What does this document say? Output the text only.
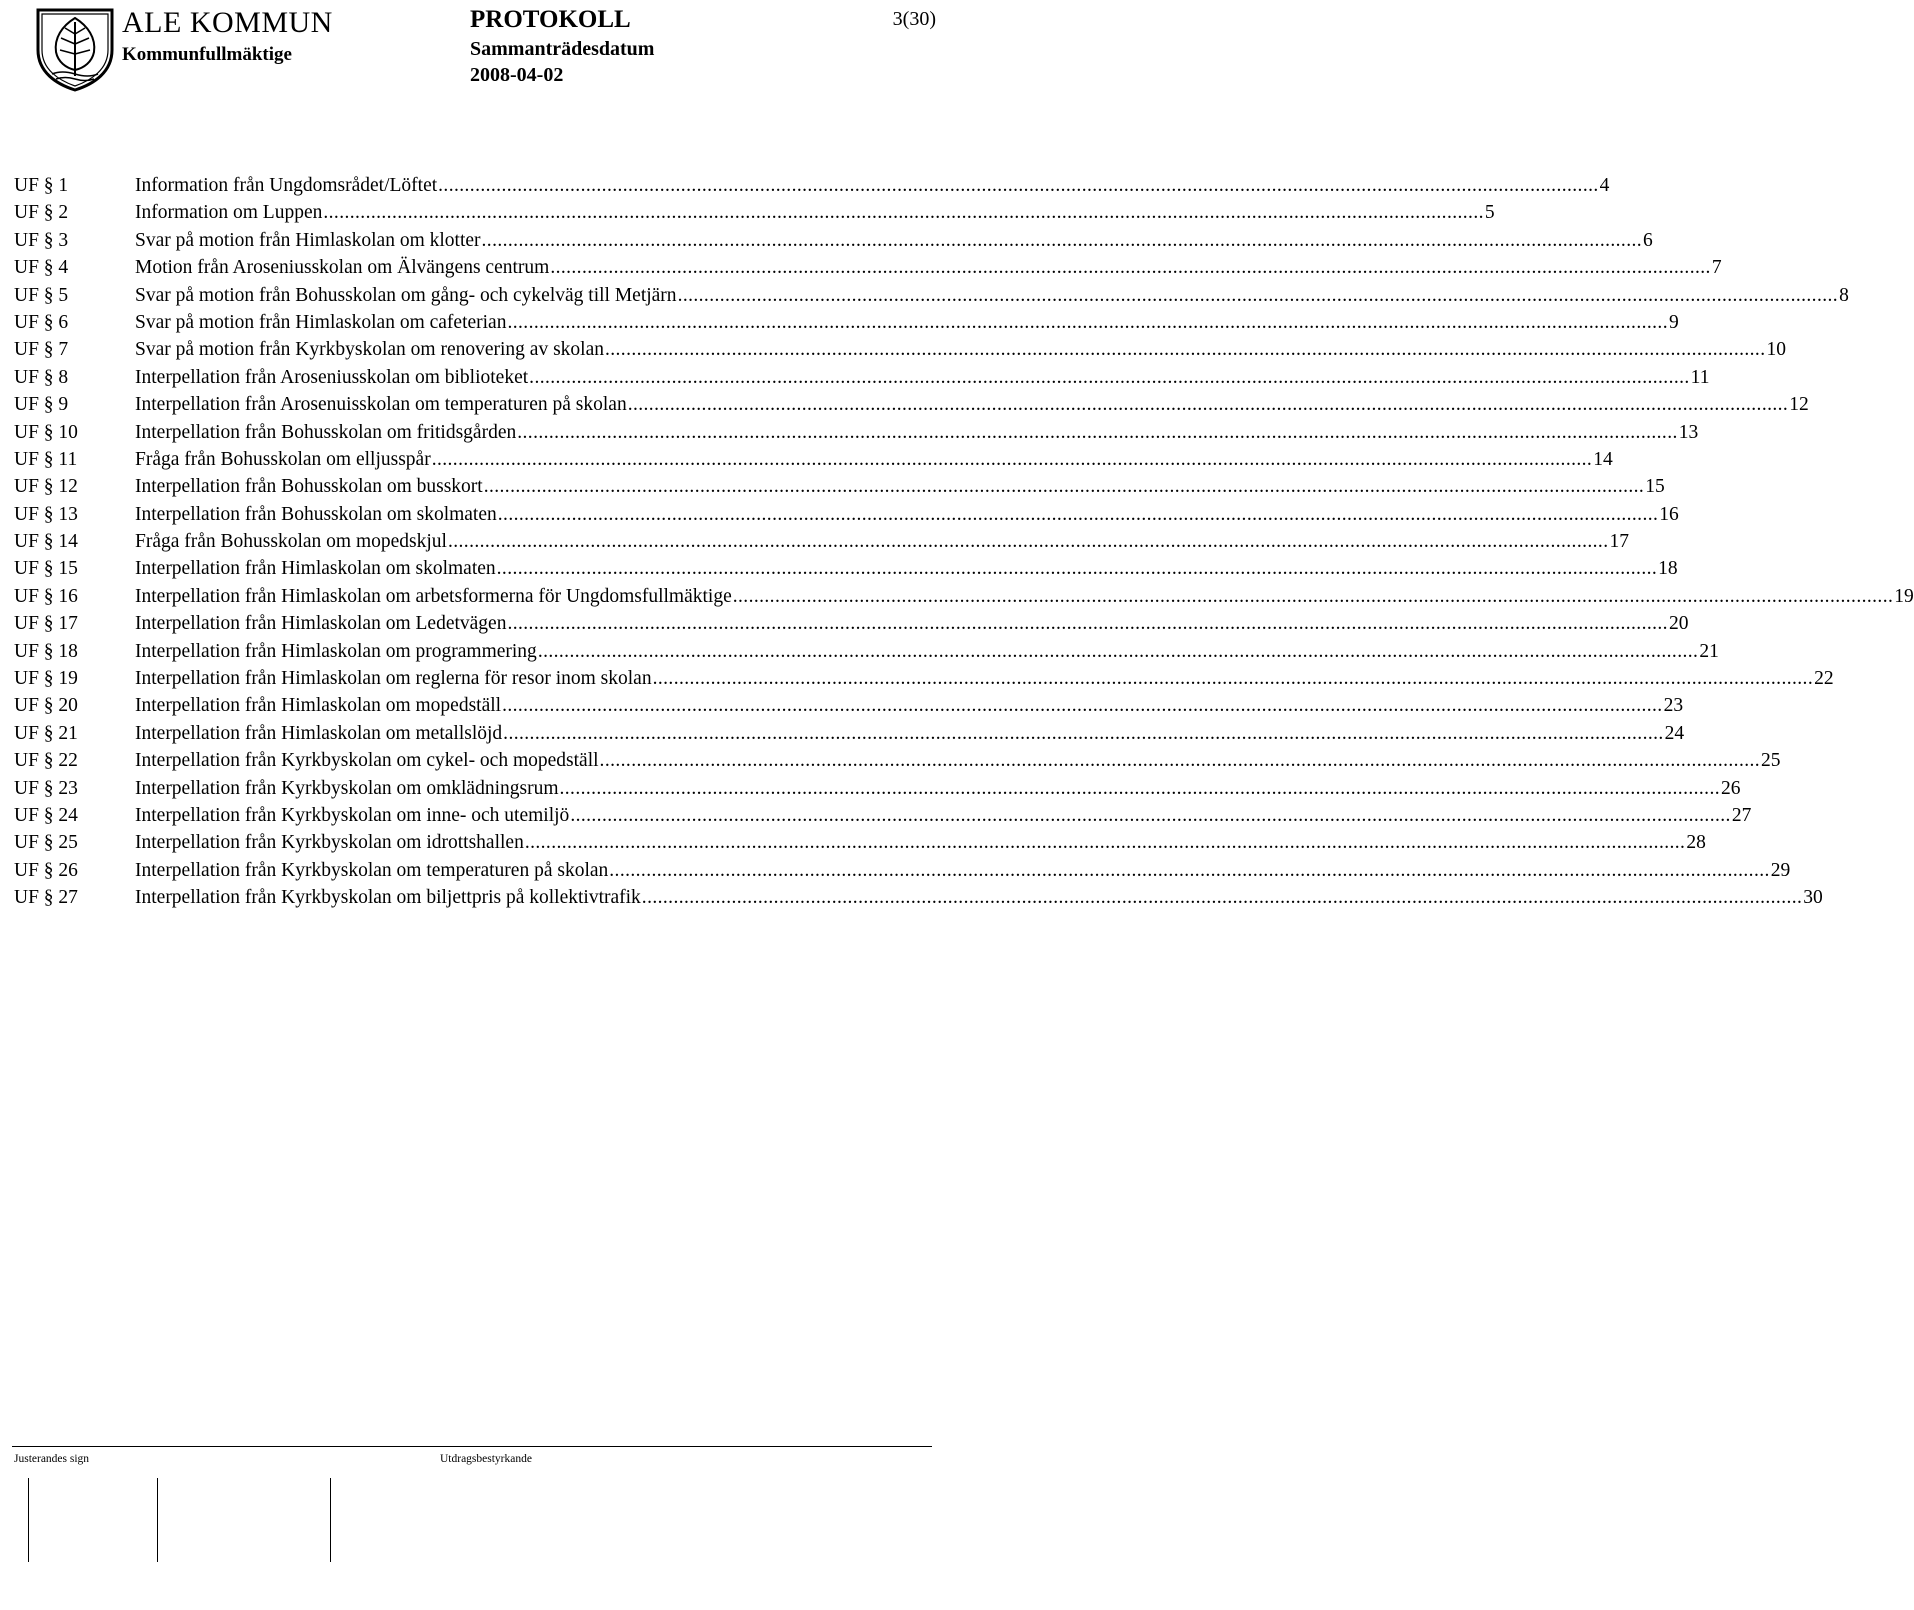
ALE KOMMUN
Kommunfullmäktige
PROTOKOLL	3(30)
Sammanträdesdatum
2008-04-02
UF § 1	Information från Ungdomsrådet/Löftet ............................................................................................................................................................................................................................ 4
UF § 2	Information om Luppen ............................................................................................................................................................................................................................ 5
UF § 3	Svar på motion från Himlaskolan om klotter ............................................................................................................................................................................................................................ 6
UF § 4	Motion från Aroseniusskolan om Älvängens centrum ............................................................................................................................................................................................................................ 7
UF § 5	Svar på motion från Bohusskolan om gång- och cykelväg till Metjärn ............................................................................................................................................................................................................................ 8
UF § 6	Svar på motion från Himlaskolan om cafeterian ............................................................................................................................................................................................................................ 9
UF § 7	Svar på motion från Kyrkbyskolan om renovering av skolan ............................................................................................................................................................................................................................ 10
UF § 8	Interpellation från Aroseniusskolan om biblioteket ............................................................................................................................................................................................................................ 11
UF § 9	Interpellation från Arosenuisskolan om temperaturen på skolan ............................................................................................................................................................................................................................ 12
UF § 10	Interpellation från Bohusskolan om fritidsgården ............................................................................................................................................................................................................................ 13
UF § 11	Fråga från Bohusskolan om elljusspår ............................................................................................................................................................................................................................ 14
UF § 12	Interpellation från Bohusskolan om busskort ............................................................................................................................................................................................................................ 15
UF § 13	Interpellation från Bohusskolan om skolmaten ............................................................................................................................................................................................................................ 16
UF § 14	Fråga från Bohusskolan om mopedskjul ............................................................................................................................................................................................................................ 17
UF § 15	Interpellation från Himlaskolan om skolmaten ............................................................................................................................................................................................................................ 18
UF § 16	Interpellation från Himlaskolan om arbetsformerna för Ungdomsfullmäktige ............................................................................................................................................................................................................................ 19
UF § 17	Interpellation från Himlaskolan om Ledetvägen ............................................................................................................................................................................................................................ 20
UF § 18	Interpellation från Himlaskolan om programmering ............................................................................................................................................................................................................................ 21
UF § 19	Interpellation från Himlaskolan om reglerna för resor inom skolan ............................................................................................................................................................................................................................ 22
UF § 20	Interpellation från Himlaskolan om mopedställ ............................................................................................................................................................................................................................ 23
UF § 21	Interpellation från Himlaskolan om metallslöjd ............................................................................................................................................................................................................................ 24
UF § 22	Interpellation från Kyrkbyskolan om cykel- och mopedställ ............................................................................................................................................................................................................................ 25
UF § 23	Interpellation från Kyrkbyskolan om omklädningsrum ............................................................................................................................................................................................................................ 26
UF § 24	Interpellation från Kyrkbyskolan om inne- och utemiljö ............................................................................................................................................................................................................................ 27
UF § 25	Interpellation från Kyrkbyskolan om idrottshallen ............................................................................................................................................................................................................................ 28
UF § 26	Interpellation från Kyrkbyskolan om temperaturen på skolan ............................................................................................................................................................................................................................ 29
UF § 27	Interpellation från Kyrkbyskolan om biljettpris på kollektivtrafik ............................................................................................................................................................................................................................ 30
Justerandes sign	Utdragsbestyrkande
